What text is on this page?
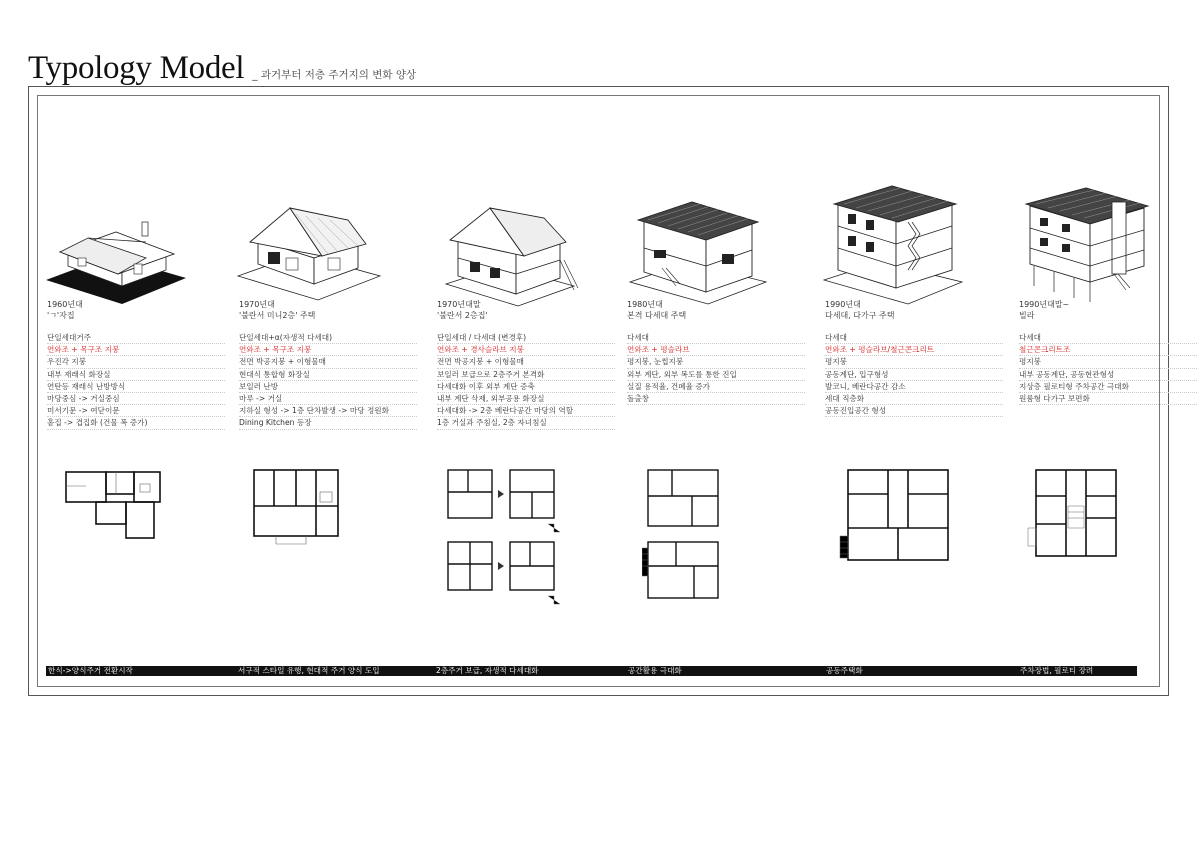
Typology Model _ 과거부터 저층 주거지의 변화 양상
1960년대
'ㄱ'자집
단일세대거주
연와조 + 목구조 지붕
우진각 지붕
내부 재래식 화장실
연탄등 재래식 난방방식
마당중심 -> 거실중심
미서기문 -> 여닫이문
홑집 -> 겹집화 (건물 폭 증가)
1970년대
'불란서 미니2층' 주택
단일세대+α(자생적 다세대)
연와조 + 목구조 지붕
전면 박공지붕 + 이형물매
현대식 통합형 화장실
보일러 난방
마루 -> 거실
지하실 형성 -> 1층 단차발생 -> 마당 정원화
Dining Kitchen 등장
1970년대말
'불란서 2층집'
단일세대 / 다세대 (변경후)
연와조 + 경사슬라브 지붕
전면 박공지붕 + 이형물매
보일러 보급으로 2층주거 본격화
다세대화 이후 외부 계단 증축
내부 계단 삭제, 외부공용 화장실
다세대화 -> 2층 베란다공간 마당의 역할
1층 거실과 주침실, 2층 자녀침실
1980년대
본격 다세대 주택
다세대
연와조 + 평슬라브
평지붕, 눈썹지붕
외부 계단, 외부 복도를 통한 진입
실질 용적율, 건폐율 증가
돌출창
1990년대
다세대, 다가구 주택
다세대
연와조 + 평슬라브/철근콘크리트
평지붕
공동계단, 입구형성
발코니, 베란다공간 감소
세대 직층화
공동진입공간 형성
1990년대말~
빌라
다세대
철근콘크리트조
평지붕
내부 공동계단, 공동현관형성
지상층 필로티형 주차공간 극대화
원룸형 다가구 보편화
한식->양식주거 전환시작	서구적 스타일 유행, 현대적 주거 양식 도입	2층주거 보급, 자생적 다세대화	공간활용 극대화	공동주택화	주차장법, 필로티 장려
